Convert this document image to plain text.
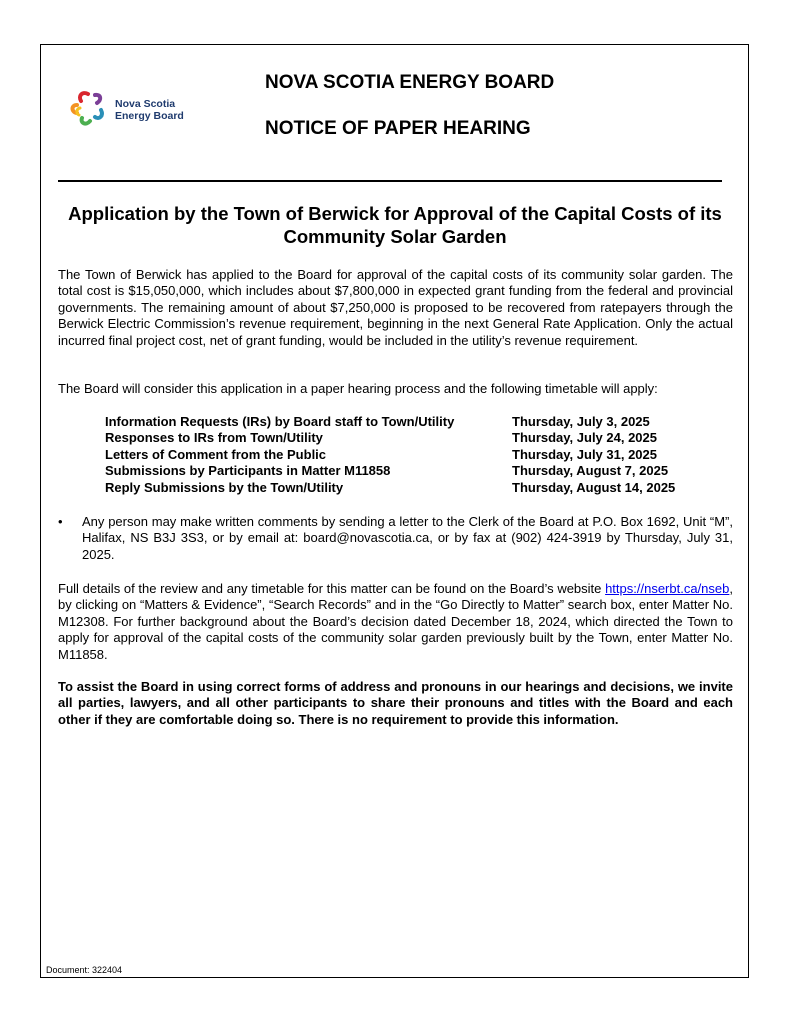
Nova Scotia
Energy Board
NOVA SCOTIA ENERGY BOARD
NOTICE OF PAPER HEARING
Application by the Town of Berwick for Approval of the Capital Costs of its Community Solar Garden

The Town of Berwick has applied to the Board for approval of the capital costs of its community solar garden. The total cost is $15,050,000, which includes about $7,800,000 in expected grant funding from the federal and provincial governments. The remaining amount of about $7,250,000 is proposed to be recovered from ratepayers through the Berwick Electric Commission’s revenue requirement, beginning in the next General Rate Application. Only the actual incurred final project cost, net of grant funding, would be included in the utility’s revenue requirement.

The Board will consider this application in a paper hearing process and the following timetable will apply:

Information Requests (IRs) by Board staff to Town/Utility	Thursday, July 3, 2025
Responses to IRs from Town/Utility	Thursday, July 24, 2025
Letters of Comment from the Public	Thursday, July 31, 2025
Submissions by Participants in Matter M11858	Thursday, August 7, 2025
Reply Submissions by the Town/Utility	Thursday, August 14, 2025
• Any person may make written comments by sending a letter to the Clerk of the Board at P.O. Box 1692, Unit “M”, Halifax, NS B3J 3S3, or by email at: board@novascotia.ca, or by fax at (902) 424-3919 by Thursday, July 31, 2025.

Full details of the review and any timetable for this matter can be found on the Board’s website https://nserbt.ca/nseb, by clicking on “Matters & Evidence”, “Search Records” and in the “Go Directly to Matter” search box, enter Matter No. M12308. For further background about the Board’s decision dated December 18, 2024, which directed the Town to apply for approval of the capital costs of the community solar garden previously built by the Town, enter Matter No. M11858.

To assist the Board in using correct forms of address and pronouns in our hearings and decisions, we invite all parties, lawyers, and all other participants to share their pronouns and titles with the Board and each other if they are comfortable doing so. There is no requirement to provide this information.

Document: 322404
